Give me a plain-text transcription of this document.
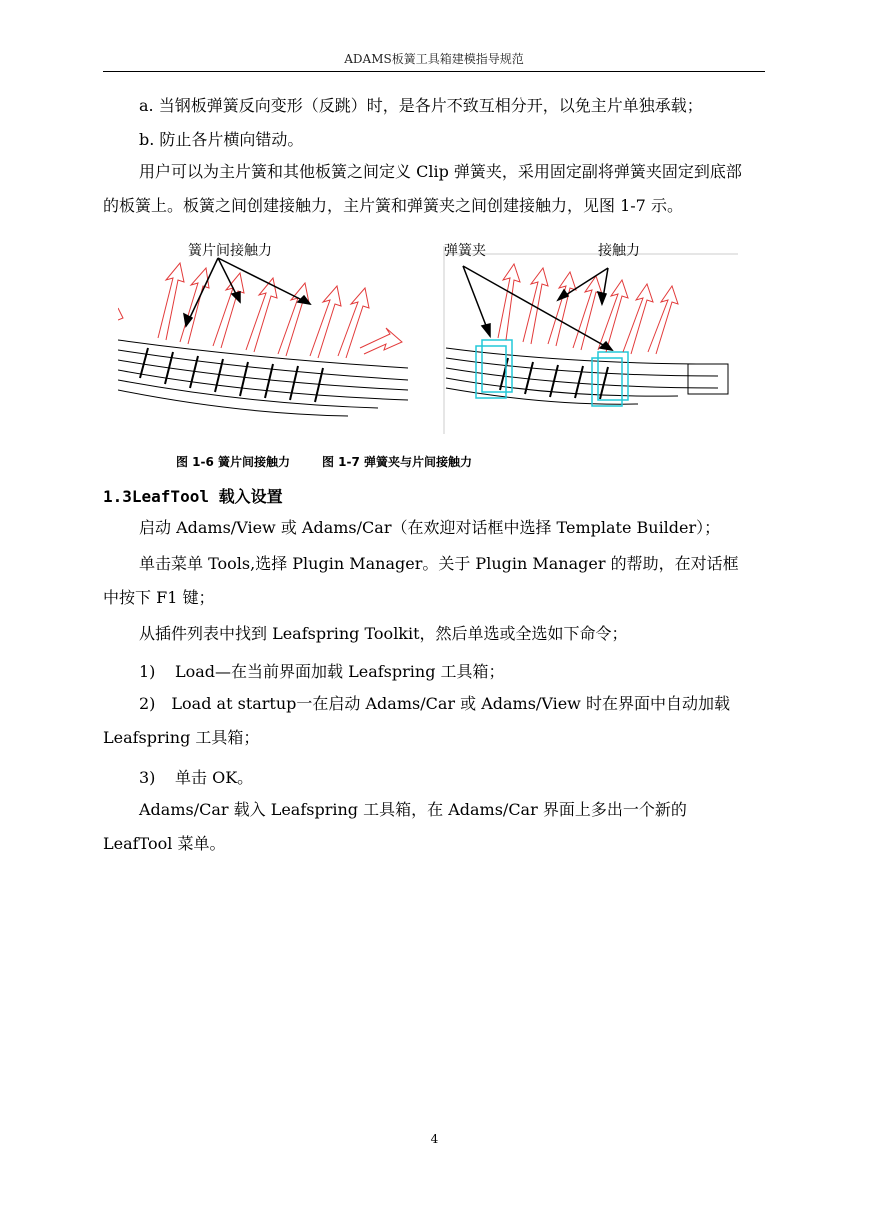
ADAMS板簧工具箱建模指导规范
a. 当钢板弹簧反向变形（反跳）时，是各片不致互相分开，以免主片单独承载；
b. 防止各片横向错动。
用户可以为主片簧和其他板簧之间定义 Clip 弹簧夹，采用固定副将弹簧夹固定到底部的板簧上。板簧之间创建接触力，主片簧和弹簧夹之间创建接触力，见图 1-7 示。
簧片间接触力	弹簧夹	接触力
图 1-6 簧片间接触力	图 1-7 弹簧夹与片间接触力
1.3LeafTool 载入设置
启动 Adams/View 或 Adams/Car（在欢迎对话框中选择 Template Builder）；
单击菜单 Tools,选择 Plugin Manager。关于 Plugin Manager 的帮助，在对话框中按下 F1 键；
从插件列表中找到 Leafspring Toolkit，然后单选或全选如下命令；
1) Load—在当前界面加载 Leafspring 工具箱；
2)　Load at startup一在启动 Adams/Car 或 Adams/View 时在界面中自动加载 Leafspring 工具箱；
3) 单击 OK。
Adams/Car 载入 Leafspring 工具箱，在 Adams/Car 界面上多出一个新的 LeafTool 菜单。
4
